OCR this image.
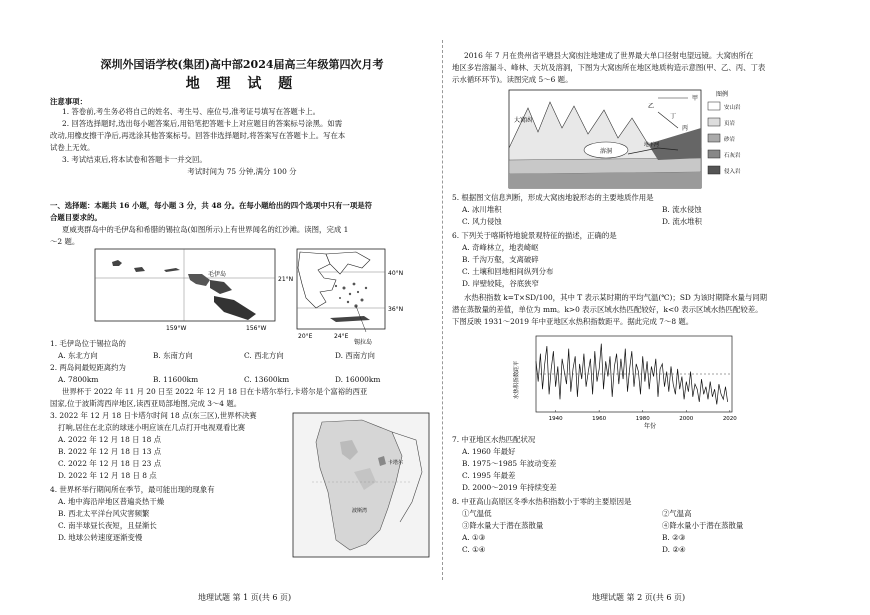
深圳外国语学校(集团)高中部2024届高三年级第四次月考
地 理 试 题
注意事项：
1. 答卷前,考生务必将自己的姓名、考生号、座位号,准考证号填写在答题卡上。
2. 回答选择题时,选出每小题答案后,用铅笔把答题卡上对应题目的答案标号涂黑。如需
改动,用橡皮擦干净后,再选涂其他答案标号。回答非选择题时,将答案写在答题卡上。写在本
试卷上无效。
3. 考试结束后,将本试卷和答题卡一并交回。
考试时间为 75 分钟,满分 100 分
一、选择题：本题共 16 小题，每小题 3 分，共 48 分。在每小题给出的四个选项中只有一项是符
合题目要求的。
夏威夷群岛中的毛伊岛和希腊的锡拉岛(如图所示)上有世界闻名的红沙滩。读图，完成 1
～2 题。
毛伊岛
21°N
159°W	156°W
40°N
36°N
20°E	24°E
锡拉岛
1. 毛伊岛位于锡拉岛的
A. 东北方向	B. 东南方向	C. 西北方向	D. 西南方向
2. 两岛间最短距离约为
A. 7800km	B. 11600km	C. 13600km	D. 16000km
世界杯于 2022 年 11 月 20 日至 2022 年 12 月 18 日在卡塔尔举行,卡塔尔是个富裕的西亚
国家,位于波斯湾西岸地区,读西亚局部地图,完成 3～4 题。
3. 2022 年 12 月 18 日卡塔尔时间 18 点(东三区),世界杯决赛
打响,居住在北京的球迷小明应该在几点打开电视观看比赛
A. 2022 年 12 月 18 日 18 点
B. 2022 年 12 月 18 日 13 点
C. 2022 年 12 月 18 日 23 点
D. 2022 年 12 月 18 日 8 点
4. 世界杯举行期间所在季节，最可能出现的现象有
A. 地中海沿岸地区普遍炎热干燥
B. 西北太平洋台风灾害频繁
C. 南半球昼长夜短，且昼渐长
D. 地球公转速度逐渐变慢
卡塔尔
波斯湾
地理试题 第 1 页(共 6 页)
2016 年 7 月在贵州省平塘县大窝凼注地建成了世界最大单口径射电望远镜。大窝凼所在
地区多岩溶漏斗、峰林、天坑及溶洞，下图为大窝凼所在地区地质构造示意图(甲、乙、丙、丁表
示水循环环节)。读图完成 5～6 题。
大窝凼
溶洞
地下河
甲
乙
丙
丁
图例
安山岩
页岩
砂岩
石灰岩
侵入岩
5. 根据图文信息判断，形成大窝凼地貌形态的主要地质作用是
A. 冰川堆积	B. 流水侵蚀
C. 风力侵蚀	D. 流水堆积
6. 下列关于喀斯特地貌景观特征的描述，正确的是
A. 奇峰林立，地表崎岖
B. 千沟万壑，支离破碎
C. 土壤和回地相间纵列分布
D. 岸壁较陡，谷底狭窄
水热积指数 k=T×SD/100，其中 T 表示某时期的平均气温(℃)；SD 为该时期降水量与同期
潜在蒸散量的差值，单位为 mm。k>0 表示区域水热匹配较好，k<0 表示区域水热匹配较差。
下图反映 1931～2019 年中亚地区水热积指数距平。据此完成 7～8 题。
1940	1960	1980	2000	2020
水热积指数距平
年份
7. 中亚地区水热匹配状况
A. 1960 年最好
B. 1975～1985 年波动变差
C. 1995 年最差
D. 2000～2019 年持续变差
8. 中亚高山高原区冬季水热积指数小于零的主要原因是
①气温低	②气温高
③降水量大于潜在蒸散量	④降水量小于潜在蒸散量
A. ①③	B. ②③
C. ①④	D. ②④
地理试题 第 2 页(共 6 页)
